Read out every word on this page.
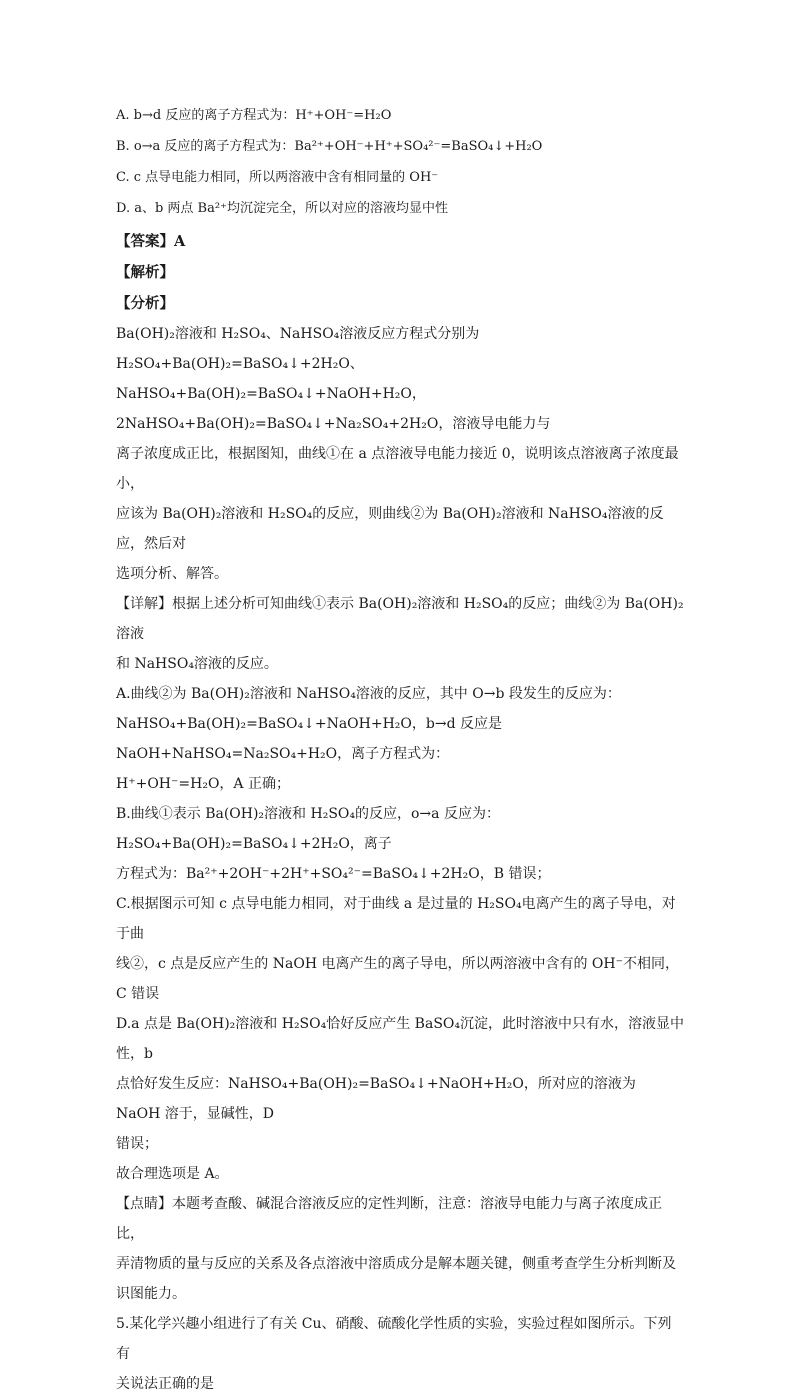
A. b→d 反应的离子方程式为：H⁺+OH⁻=H₂O
B. o→a 反应的离子方程式为：Ba²⁺+OH⁻+H⁺+SO₄²⁻=BaSO₄↓+H₂O
C. c 点导电能力相同，所以两溶液中含有相同量的 OH⁻
D. a、b 两点 Ba²⁺均沉淀完全，所以对应的溶液均显中性
【答案】A
【解析】
【分析】
Ba(OH)₂溶液和 H₂SO₄、NaHSO₄溶液反应方程式分别为 H₂SO₄+Ba(OH)₂=BaSO₄↓+2H₂O、
NaHSO₄+Ba(OH)₂=BaSO₄↓+NaOH+H₂O，2NaHSO₄+Ba(OH)₂=BaSO₄↓+Na₂SO₄+2H₂O，溶液导电能力与
离子浓度成正比，根据图知，曲线①在 a 点溶液导电能力接近 0，说明该点溶液离子浓度最小，
应该为 Ba(OH)₂溶液和 H₂SO₄的反应，则曲线②为 Ba(OH)₂溶液和 NaHSO₄溶液的反应，然后对
选项分析、解答。
【详解】根据上述分析可知曲线①表示 Ba(OH)₂溶液和 H₂SO₄的反应；曲线②为 Ba(OH)₂溶液
和 NaHSO₄溶液的反应。
A.曲线②为 Ba(OH)₂溶液和 NaHSO₄溶液的反应，其中 O→b 段发生的反应为：
NaHSO₄+Ba(OH)₂=BaSO₄↓+NaOH+H₂O，b→d 反应是 NaOH+NaHSO₄=Na₂SO₄+H₂O，离子方程式为：
H⁺+OH⁻=H₂O，A 正确；
B.曲线①表示 Ba(OH)₂溶液和 H₂SO₄的反应，o→a 反应为：H₂SO₄+Ba(OH)₂=BaSO₄↓+2H₂O，离子
方程式为：Ba²⁺+2OH⁻+2H⁺+SO₄²⁻=BaSO₄↓+2H₂O，B 错误；
C.根据图示可知 c 点导电能力相同，对于曲线 a 是过量的 H₂SO₄电离产生的离子导电，对于曲
线②，c 点是反应产生的 NaOH 电离产生的离子导电，所以两溶液中含有的 OH⁻不相同，C 错误
D.a 点是 Ba(OH)₂溶液和 H₂SO₄恰好反应产生 BaSO₄沉淀，此时溶液中只有水，溶液显中性，b
点恰好发生反应：NaHSO₄+Ba(OH)₂=BaSO₄↓+NaOH+H₂O，所对应的溶液为 NaOH 溶于，显碱性，D
错误；
故合理选项是 A。
【点睛】本题考查酸、碱混合溶液反应的定性判断，注意：溶液导电能力与离子浓度成正比，
弄清物质的量与反应的关系及各点溶液中溶质成分是解本题关键，侧重考查学生分析判断及
识图能力。
5.某化学兴趣小组进行了有关 Cu、硝酸、硫酸化学性质的实验，实验过程如图所示。下列有
关说法正确的是
